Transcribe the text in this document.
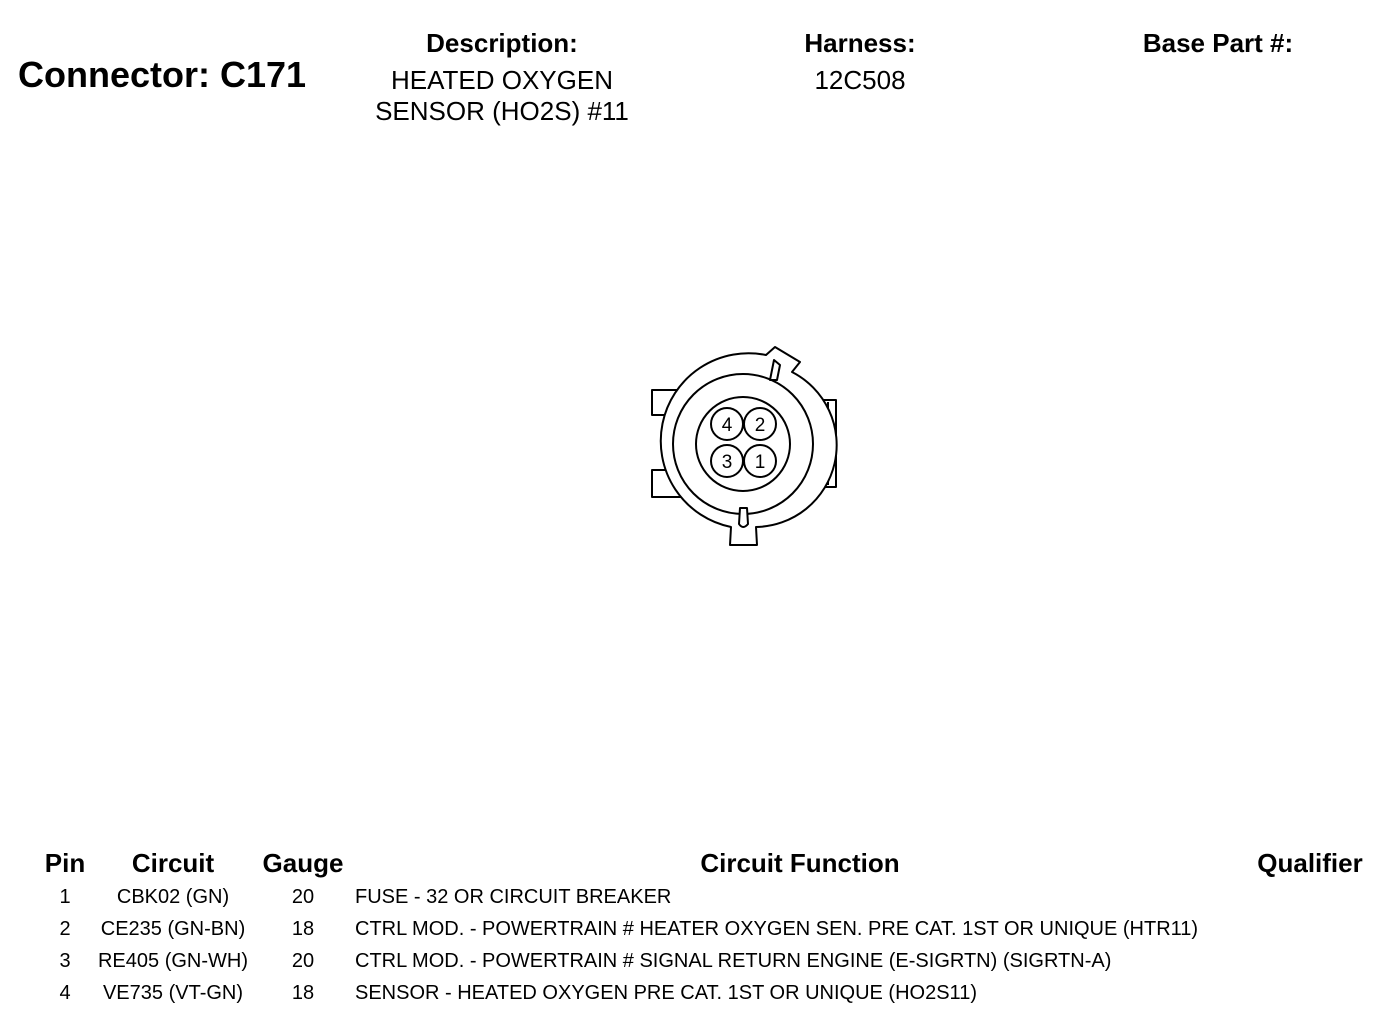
Connector: C171
Description:
HEATED OXYGEN
SENSOR (HO2S) #11
Harness:
12C508
Base Part #:
4 2
3 1
Pin	Circuit	Gauge	Circuit Function	Qualifier
1	CBK02 (GN)	20	FUSE - 32 OR CIRCUIT BREAKER
2	CE235 (GN-BN)	18	CTRL MOD. - POWERTRAIN # HEATER OXYGEN SEN. PRE CAT. 1ST OR UNIQUE (HTR11)
3	RE405 (GN-WH)	20	CTRL MOD. - POWERTRAIN # SIGNAL RETURN ENGINE (E-SIGRTN) (SIGRTN-A)
4	VE735 (VT-GN)	18	SENSOR - HEATED OXYGEN PRE CAT. 1ST OR UNIQUE (HO2S11)
